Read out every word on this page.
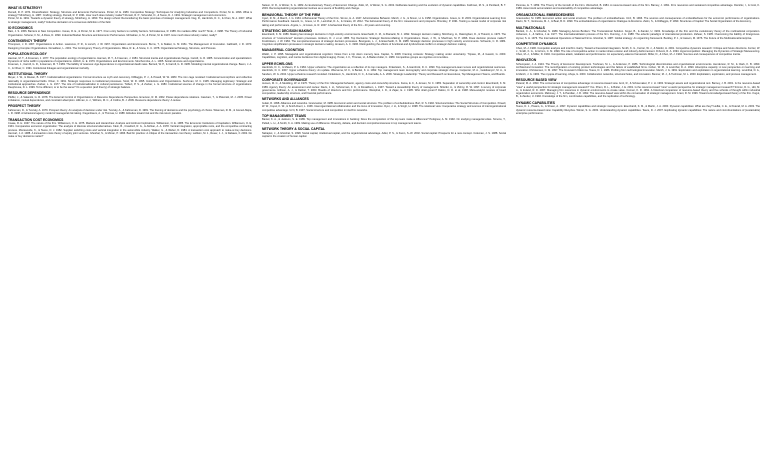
WHAT IS STRATEGY?
Rumelt, R. P. 1974. Diversification: Strategy, Structure and Economic Performance. Porter, M. E. 1980. Competitive Strategy: Techniques for Analyzing Industries and Competitors. Porter, M. E. 1996. What is strategy? Mintzberg, H. 1987. Crafting strategy. Rumelt, R. P. 1991. How much does industry matter? Rumelt, R. P., Schendel, D., & Teece, D. J. 1991. Strategic management and economics.
Porter, M. E. 1991. Towards a dynamic theory of strategy. Mintzberg, H. 1990. The design school: Reconsidering the basic premises of strategic management. Nag, R., Hambrick, D. C., & Chen, M.-J. 2007. What is strategic management, really? Inductive derivation of a consensus definition of the field.
IO ECONOMICS
Bain, J. S. 1956. Barriers to New Competition. Caves, R. E., & Porter, M. E. 1977. From entry barriers to mobility barriers. Schmalensee, R. 1985. Do markets differ much? Tirole, J. 1988. The Theory of Industrial Organization. Scherer, F. M., & Ross, D. 1990. Industrial Market Structure and Economic Performance. McGahan, A. M., & Porter, M. E. 1997. How much does industry matter, really?
CONTINGENCY THEORY
Thompson, J. D. 1967. Organizations in Action. Lawrence, P. R., & Lorsch, J. W. 1967. Organization and Environment. Burns, T., & Stalker, G. M. 1961. The Management of Innovation. Galbraith, J. R. 1973. Designing Complex Organizations. Donaldson, L. 2001. The Contingency Theory of Organizations. Miles, R. E., & Snow, C. C. 1978. Organizational Strategy, Structure, and Process.
POPULATION ECOLOGY
Hannan, M. T., & Freeman, J. 1977. The population ecology of organizations. Hannan, M. T., & Freeman, J. 1984. Structural inertia and organizational change. Carroll, G. R. 1985. Concentration and specialization: Dynamics of niche width in populations of organizations. Aldrich, H. E. 1979. Organizations and Environments. Stinchcombe, A. L. 1965. Social structure and organizations.
Freeman, J., Carroll, G. R., & Hannan, M. T. 1983. The liability of newness: Age dependence in organizational death rates. Barnett, W. P., & Carroll, G. R. 1995. Modeling internal organizational change. Baum, J. A. C., & Oliver, C. 1991. Institutional linkages and organizational mortality.
INSTITUTIONAL THEORY
Meyer, J. W., & Rowan, B. 1977. Institutionalized organizations: Formal structure as myth and ceremony. DiMaggio, P. J., & Powell, W. W. 1983. The iron cage revisited: Institutional isomorphism and collective rationality in organizational fields. Oliver, C. 1991. Strategic responses to institutional processes. Scott, W. R. 1995. Institutions and Organizations. Suchman, M. C. 1995. Managing legitimacy: Strategic and institutional approaches. Zucker, L. G. 1977. The role of institutionalization in cultural persistence. Tolbert, P. S., & Zucker, L. G. 1983. Institutional sources of change in the formal structure of organizations. Deephouse, D. L. 1999. To be different, or to be the same? It's a question (and theory) of strategic balance.
RESOURCE DEPENDENCE
Pfeffer, J., & Salancik, G. R. 1978. The External Control of Organizations: A Resource Dependence Perspective. Emerson, R. M. 1962. Power-dependence relations. Casciaro, T., & Piskorski, M. J. 2005. Power imbalance, mutual dependence, and constraint absorption. Hillman, A. J., Withers, M. C., & Collins, B. J. 2009. Resource dependence theory: A review.
PROSPECT THEORY
Kahneman, D., & Tversky, A. 1979. Prospect theory: An analysis of decision under risk. Tversky, A., & Kahneman, D. 1981. The framing of decisions and the psychology of choice. Wiseman, R. M., & Gomez-Mejia, L. R. 1998. A behavioral agency model of managerial risk taking. Fiegenbaum, A., & Thomas, H. 1988. Attitudes toward risk and the risk-return paradox.
TRANSACTION COST ECONOMICS
Coase, R. H. 1937. The nature of the firm. Williamson, O. E. 1975. Markets and Hierarchies: Analysis and Antitrust Implications. Williamson, O. E. 1985. The Economic Institutions of Capitalism. Williamson, O. E. 1991. Comparative economic organization: The analysis of discrete structural alternatives. Klein, B., Crawford, R. G., & Alchian, A. A. 1978. Vertical integration, appropriable rents, and the competitive contracting process. Monteverde, K., & Teece, D. J. 1982. Supplier switching costs and vertical integration in the automobile industry. Walker, G., & Weber, D. 1984. A transaction cost approach to make-or-buy decisions. Hennart, J.-F. 1988. A transaction costs theory of equity joint ventures. Ghoshal, S., & Moran, P. 1996. Bad for practice: A critique of the transaction cost theory. Leiblein, M. J., Reuer, J. J., & Dalsace, F. 2002. Do make or buy decisions matter?
Nelson, R. R., & Winter, S. G. 1982. An Evolutionary Theory of Economic Change. Zollo, M., & Winter, S. G. 2002. Deliberate learning and the evolution of dynamic capabilities. Feldman, M. S., & Pentland, B. T. 2003. Reconceptualizing organizational routines as a source of flexibility and change.
BEHAVIORAL THEORY OF THE FIRM
Cyert, R. M., & March, J. G. 1963. A Behavioral Theory of the Firm. Simon, H. A. 1947. Administrative Behavior. March, J. G., & Simon, H. A. 1958. Organizations. Greve, H. R. 2003. Organizational Learning from Performance Feedback. Gavetti, G., Greve, H. R., Levinthal, D. A., & Ocasio, W. 2012. The behavioral theory of the firm: Assessment and prospects. Bromiley, P. 1991. Testing a causal model of corporate risk taking and performance. Argote, L., & Greve, H. R. 2007. A behavioral theory of the firm - 40 years and counting.
STRATEGIC DECISION MAKING
Eisenhardt, K. M. 1989. Making fast strategic decisions in high-velocity environments. Eisenhardt, K. M., & Zbaracki, M. J. 1992. Strategic decision making. Mintzberg, H., Raisinghani, D., & Théorêt, A. 1976. The structure of "unstructured" decision processes. Hickson, D. J. et al. 1986. Top Decisions: Strategic Decision-Making in Organizations. Dean, J. W., & Sharfman, M. P. 1996. Does decision process matter? Fredrickson, J. W. 1984. The comprehensiveness of strategic decision processes. Bourgeois, L. J., & Eisenhardt, K. M. 1988. Strategic decision processes in high velocity environments. Schwenk, C. R. 1984. Cognitive simplification processes in strategic decision-making. Amason, A. C. 1996. Distinguishing the effects of functional and dysfunctional conflict on strategic decision making.
MANAGERIAL COGNITION
Walsh, J. P. 1995. Managerial and organizational cognition: Notes from a trip down memory lane. Kaplan, S. 2008. Framing contests: Strategy making under uncertainty. Tripsas, M., & Gavetti, G. 2000. Capabilities, cognition, and inertia: Evidence from digital imaging. Porac, J. F., Thomas, H., & Baden-Fuller, C. 1989. Competitive groups as cognitive communities.
UPPER ECHELONS
Hambrick, D. C., & Mason, P. A. 1984. Upper echelons: The organization as a reflection of its top managers. Finkelstein, S., & Hambrick, D. C. 1990. Top-management-team tenure and organizational outcomes. Hambrick, D. C. 2007. Upper echelons theory: An update. Wiersema, M. F., & Bantel, K. A. 1992. Top management team demography and corporate strategic change. Carpenter, M. A., Geletkanycz, M. A., & Sanders, W. G. 2004. Upper echelons research revisited. Finkelstein, S., Hambrick, D. C., & Cannella, A. A. 2009. Strategic Leadership: Theory and Research on Executives, Top Management Teams, and Boards.
CORPORATE GOVERNANCE
Jensen, M. C., & Meckling, W. H. 1976. Theory of the firm: Managerial behavior, agency costs and ownership structure. Fama, E. F., & Jensen, M. C. 1983. Separation of ownership and control. Eisenhardt, K. M. 1989. Agency theory: An assessment and review. Davis, J. H., Schoorman, F. D., & Donaldson, L. 1997. Toward a stewardship theory of management. Shleifer, A., & Vishny, R. W. 1997. A survey of corporate governance. Hillman, A. J., & Dalziel, T. 2003. Boards of directors and firm performance. Westphal, J. D., & Zajac, E. J. 1995. Who shall govern? Dalton, D. R. et al. 1998. Meta-analytic reviews of board composition, leadership structure, and financial performance.
NETWORKS AND ALLIANCES
Gulati, R. 1998. Alliances and networks. Granovetter, M. 1985. Economic action and social structure: The problem of embeddedness. Burt, R. S. 1992. Structural Holes: The Social Structure of Competition. Powell, W. W., Koput, K. W., & Smith-Doerr, L. 1996. Interorganizational collaboration and the locus of innovation. Dyer, J. H., & Singh, H. 1998. The relational view: Cooperative strategy and sources of interorganizational competitive advantage. Uzzi, B. 1997. Social structure and competition in interfirm networks.
TOP MANAGEMENT TEAMS
Bantel, K. A., & Jackson, S. E. 1989. Top management and innovations in banking: Does the composition of the top team make a difference? Pettigrew, A. M. 1992. On studying managerial elites. Simons, T., Pelled, L. H., & Smith, K. A. 1999. Making use of difference: Diversity, debate, and decision comprehensiveness in top management teams.
NETWORK THEORY & SOCIAL CAPITAL
Nahapiet, J., & Ghoshal, S. 1998. Social capital, intellectual capital, and the organizational advantage. Adler, P. S., & Kwon, S.-W. 2002. Social capital: Prospects for a new concept. Coleman, J. S. 1988. Social capital in the creation of human capital.
Penrose, E. T. 1959. The Theory of the Growth of the Firm. Wernerfelt, B. 1984. A resource-based view of the firm. Barney, J. 1991. Firm resources and sustained competitive advantage. Dierickx, I., & Cool, K. 1989. Asset stock accumulation and sustainability of competitive advantage.
ORGANIZATIONAL EMBEDDEDNESS
Granovetter, M. 1985. Economic action and social structure: The problem of embeddedness. Uzzi, B. 1996. The sources and consequences of embeddedness for the economic performance of organizations. Dacin, M. T., Ventresca, M. J., & Beal, B. D. 1999. The embeddedness of organizations: Dialogue & directions. Zukin, S., & DiMaggio, P. 1990. Structures of Capital: The Social Organization of the Economy.
MULTINATIONALS
Bartlett, C. A., & Ghoshal, S. 1989. Managing Across Borders: The Transnational Solution. Kogut, B., & Zander, U. 1993. Knowledge of the firm and the evolutionary theory of the multinational corporation. Johanson, J., & Vahlne, J.-E. 1977. The internationalization process of the firm. Dunning, J. H. 1988. The eclectic paradigm of international production. Zaheer, S. 1995. Overcoming the liability of foreignness. Hymer, S. H. 1976. The International Operations of National Firms. Ghoshal, S. 1987. Global strategy: An organizing framework. Buckley, P. J., & Casson, M. 1976. The Future of the Multinational Enterprise.
COMPETITIVE DYNAMICS
Chen, M.-J. 1996. Competitor analysis and interfirm rivalry: Toward a theoretical integration. Smith, K. G., Ferrier, W. J., & Ndofor, H. 2001. Competitive dynamics research: Critique and future directions. Ferrier, W. J., Smith, K. G., & Grimm, C. M. 1999. The role of competitive action in market share erosion and industry dethronement. D'Aveni, R. A. 1994. Hypercompetition: Managing the Dynamics of Strategic Maneuvering. Chen, M.-J., & Miller, D. 1994. Competitive attack, retaliation and performance: An expectancy-valence framework. Miller, D., & Chen, M.-J. 1994. Sources and consequences of competitive inertia.
INNOVATION
Schumpeter, J. A. 1934. The Theory of Economic Development. Tushman, M. L., & Anderson, P. 1986. Technological discontinuities and organizational environments. Henderson, R. M., & Clark, K. B. 1990. Architectural innovation: The reconfiguration of existing product technologies and the failure of established firms. Cohen, W. M., & Levinthal, D. A. 1990. Absorptive capacity: A new perspective on learning and innovation. Christensen, C. M. 1997. The Innovator's Dilemma. Teece, D. J. 1986. Profiting from technological innovation. March, J. G. 1991. Exploration and exploitation in organizational learning. Levinthal, D. A., & March, J. G. 1993. The myopia of learning. Ahuja, G. 2000. Collaboration networks, structural holes, and innovation. Benner, M. J., & Tushman, M. L. 2003. Exploitation, exploration, and process management.
RESOURCE BASED VIEW
Peteraf, M. A. 1993. The cornerstones of competitive advantage: A resource-based view. Amit, R., & Schoemaker, P. J. H. 1993. Strategic assets and organizational rent. Barney, J. B. 2001. Is the resource-based "view" a useful perspective for strategic management research? Yes. Priem, R. L., & Butler, J. E. 2001. Is the resource-based "view" a useful perspective for strategic management research? Sirmon, D. G., Hitt, M. A., & Ireland, R. D. 2007. Managing firm resources in dynamic environments to create value. Conner, K. R. 1991. A historical comparison of resource-based theory and five schools of thought within industrial organization economics. Mahoney, J. T., & Pandian, J. R. 1992. The resource-based view within the conversation of strategic management. Grant, R. M. 1996. Toward a knowledge-based theory of the firm. Kogut, B., & Zander, U. 1992. Knowledge of the firm, combinative capabilities, and the replication of technology.
DYNAMIC CAPABILITIES
Teece, D. J., Pisano, G., & Shuen, A. 1997. Dynamic capabilities and strategic management. Eisenhardt, K. M., & Martin, J. A. 2000. Dynamic capabilities: What are they? Helfat, C. E., & Peteraf, M. A. 2003. The dynamic resource-based view: Capability lifecycles. Winter, S. G. 2003. Understanding dynamic capabilities. Teece, D. J. 2007. Explicating dynamic capabilities: The nature and microfoundations of (sustainable) enterprise performance.
